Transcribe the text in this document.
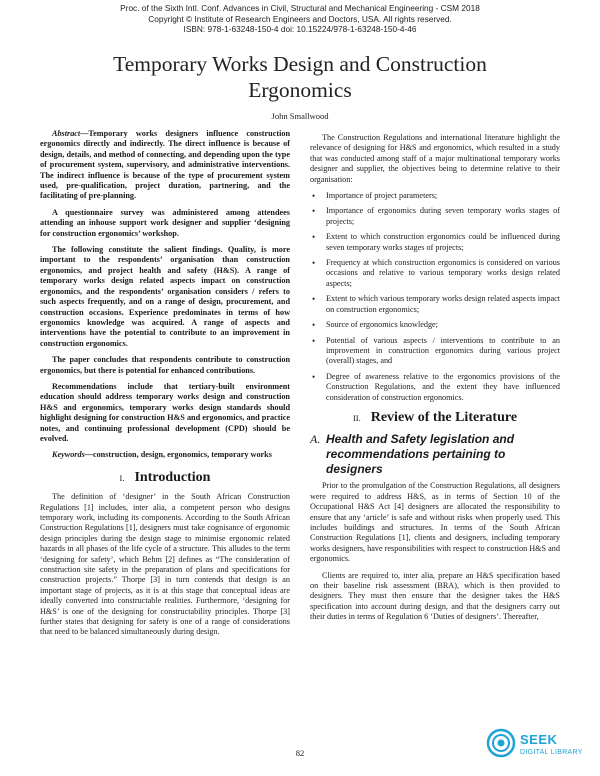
Proc. of the Sixth Intl. Conf. Advances in Civil, Structural and Mechanical Engineering - CSM 2018
Copyright © Institute of Research Engineers and Doctors, USA. All rights reserved.
ISBN: 978-1-63248-150-4 doi: 10.15224/978-1-63248-150-4-46
Temporary Works Design and Construction Ergonomics
John Smallwood

Abstract—Temporary works designers influence construction ergonomics directly and indirectly. The direct influence is because of design, details, and method of connecting, and depending upon the type of procurement system, supervisory, and administrative interventions. The indirect influence is because of the type of procurement system used, pre-qualification, project duration, partnering, and the facilitating of pre-planning.

A questionnaire survey was administered among attendees attending an inhouse support work designer and supplier ‘designing for construction ergonomics’ workshop.

The following constitute the salient findings. Quality, is more important to the respondents’ organisation than construction ergonomics, and project health and safety (H&S). A range of temporary works design related aspects impact on construction ergonomics, and the respondents’ organisation considers / refers to such aspects frequently, and on a range of design, procurement, and construction occasions. Experience predominates in terms of how ergonomics knowledge was acquired. A range of aspects and interventions have the potential to contribute to an improvement in construction ergonomics.

The paper concludes that respondents contribute to construction ergonomics, but there is potential for enhanced contributions.

Recommendations include that tertiary-built environment education should address temporary works design and construction H&S and ergonomics, temporary works design standards should highlight designing for construction H&S and ergonomics, and practice notes, and continuing professional development (CPD) should be evolved.

Keywords—construction, design, ergonomics, temporary works

I. Introduction

The definition of ‘designer’ in the South African Construction Regulations [1] includes, inter alia, a competent person who designs temporary work, including its components. According to the South African Construction Regulations [1], designers must take cognisance of ergonomic design principles during the design stage to minimise ergonomic related hazards in all phases of the life cycle of a structure. This alludes to the term ‘designing for safety’, which Behm [2] defines as “The consideration of construction site safety in the preparation of plans and specifications for construction projects.” Thorpe [3] in turn contends that design is an important stage of projects, as it is at this stage that conceptual ideas are ideally converted into constructable realities. Furthermore, ‘designing for H&S’ is one of the designing for constructability principles. Thorpe [3] further states that designing for safety is one of a range of considerations that need to be balanced simultaneously during design.

The Construction Regulations and international literature highlight the relevance of designing for H&S and ergonomics, which resulted in a study that was conducted among staff of a major multinational temporary works designer and supplier, the objectives being to determine relative to their organisation:

• Importance of project parameters;
• Importance of ergonomics during seven temporary works stages of projects;
• Extent to which construction ergonomics could be influenced during seven temporary works stages of projects;
• Frequency at which construction ergonomics is considered on various occasions and relative to various temporary works design related aspects;
• Extent to which various temporary works design related aspects impact on construction ergonomics;
• Source of ergonomics knowledge;
• Potential of various aspects / interventions to contribute to an improvement in construction ergonomics during various project (overall) stages, and
• Degree of awareness relative to the ergonomics provisions of the Construction Regulations, and the extent they have influenced consideration of construction ergonomics.
II. Review of the Literature
A. Health and Safety legislation and recommendations pertaining to designers

Prior to the promulgation of the Construction Regulations, all designers were required to address H&S, as in terms of Section 10 of the Occupational H&S Act [4] designers are allocated the responsibility to ensure that any ‘article’ is safe and without risks when properly used. This includes buildings and structures. In terms of the South African Construction Regulations [1], clients and designers, including temporary works designers, have responsibilities with respect to construction H&S and ergonomics.

Clients are required to, inter alia, prepare an H&S specification based on their baseline risk assessment (BRA), which is then provided to designers. They must then ensure that the designer takes the H&S specification into account during design, and that the designers carry out their duties in terms of Regulation 6 ‘Duties of designers’. Thereafter,

82
SEEK
DIGITAL LIBRARY
